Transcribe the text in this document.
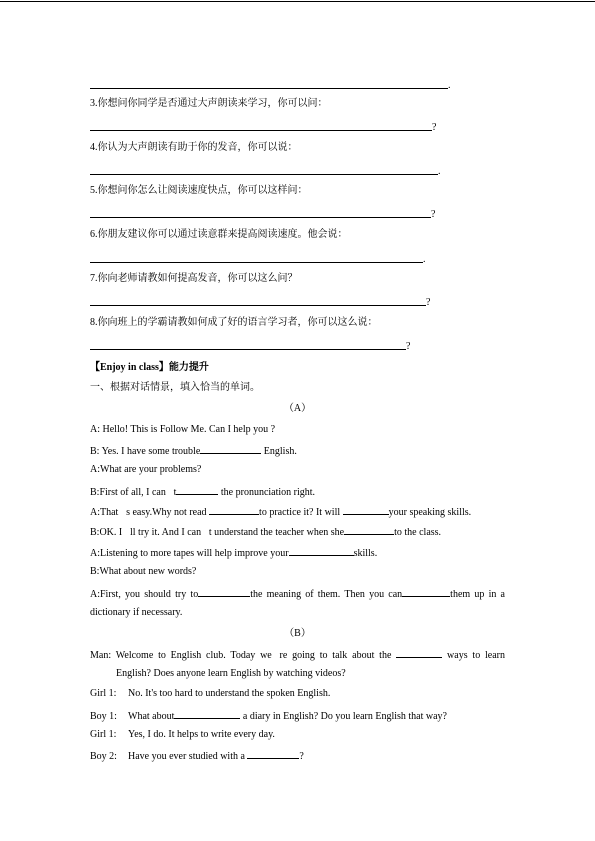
.
3.你想问你同学是否通过大声朗读来学习，你可以问：
?
4.你认为大声朗读有助于你的发音，你可以说：
.
5.你想问你怎么让阅读速度快点，你可以这样问：
?
6.你朋友建议你可以通过读意群来提高阅读速度。他会说：
.
7.你向老师请教如何提高发音，你可以这么问？
?
8.你向班上的学霸请教如何成了好的语言学习者，你可以这么说：
?
【Enjoy in class】能力提升
一、根据对话情景，填入恰当的单词。
（A）
A: Hello! This is Follow Me. Can I help you ?
B: Yes. I have some trouble	English.
A:What are your problems?
B:First of all, I can t	the pronunciation right.
A:That s easy.Why not read	to practice it? It will	your speaking skills.
B:OK. I ll try it. And I can t understand the teacher when she	to the class.
A:Listening to more tapes will help improve your	skills.
B:What about new words?
A:First, you should try to	the meaning of them. Then you can	them up in a
dictionary if necessary.
（B）
Man: Welcome to English club. Today we re going to talk about the	ways to learn
English? Does anyone learn English by watching videos?
Girl 1: No. It's too hard to understand the spoken English.
Boy 1: What about	a diary in English? Do you learn English that way?
Girl 1: Yes, I do. It helps to write every day.
Boy 2: Have you ever studied with a	?
